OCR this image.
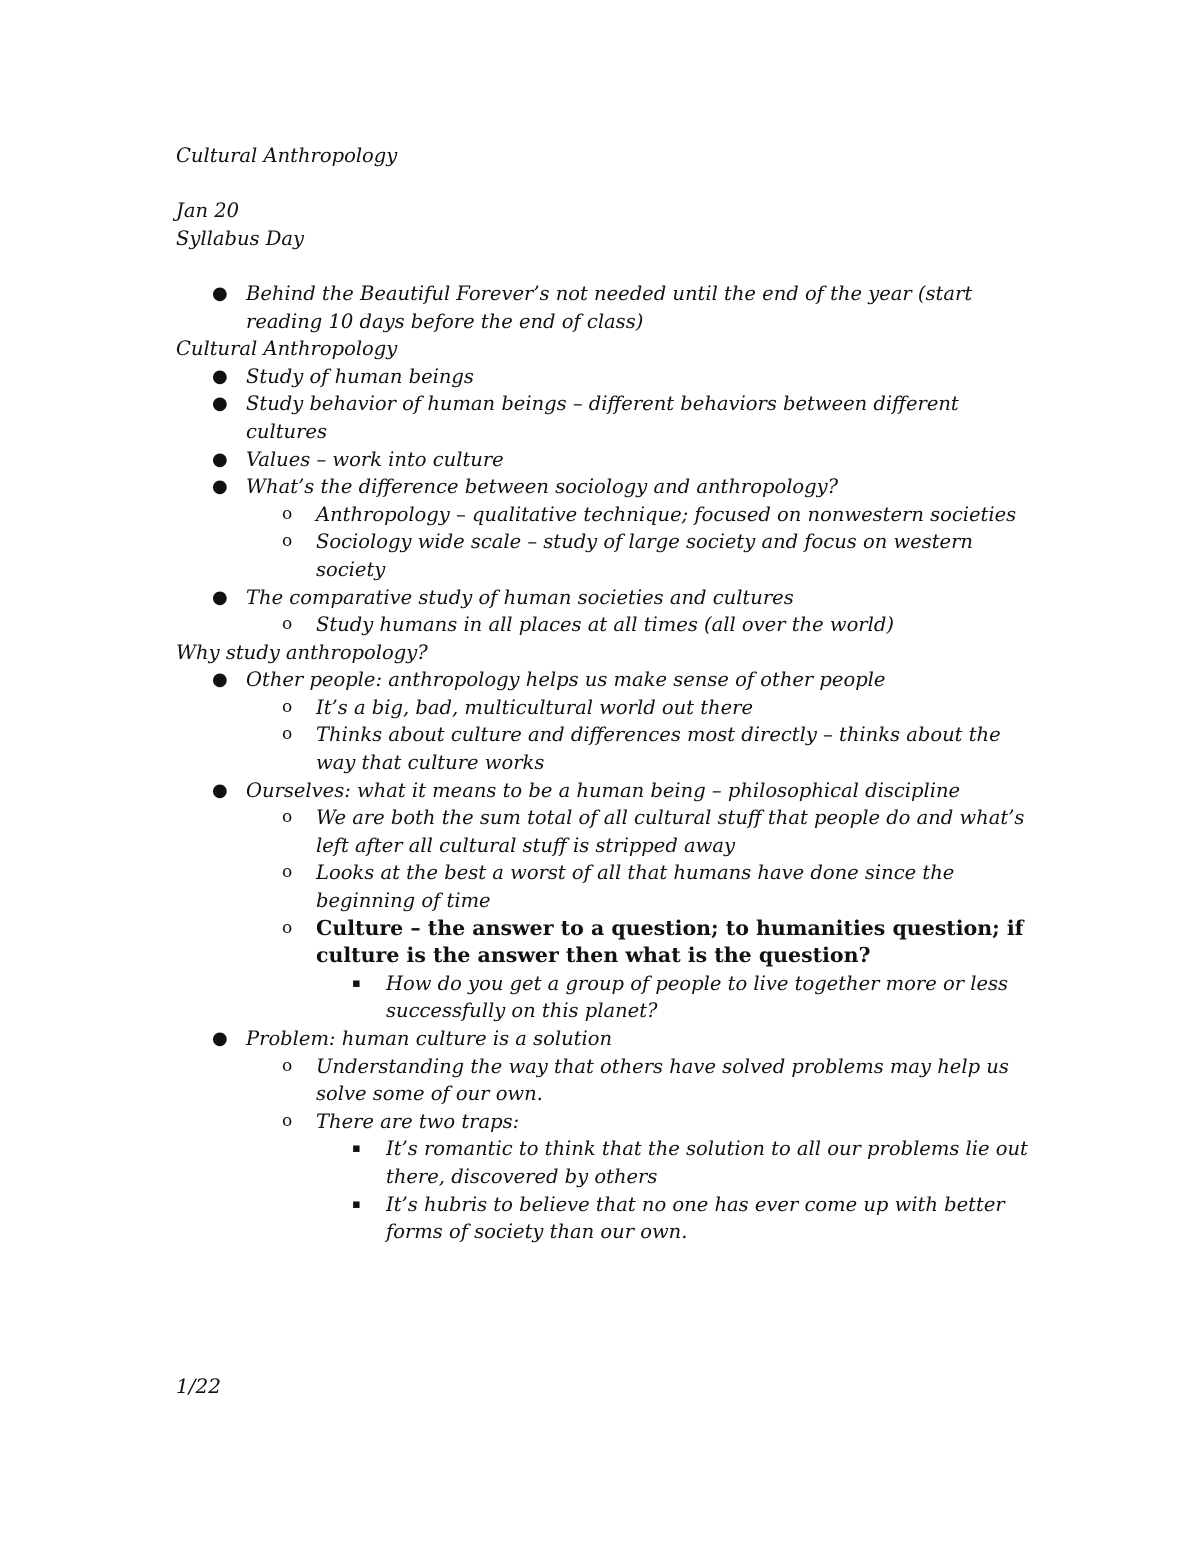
Cultural Anthropology

Jan 20

Syllabus Day

● Behind the Beautiful Forever’s not needed until the end of the year (start reading 10 days before the end of class)

Cultural Anthropology

● Study of human beings
● Study behavior of human beings – different behaviors between different cultures
● Values – work into culture
● What’s the difference between sociology and anthropology?
o Anthropology – qualitative technique; focused on nonwestern societies
o Sociology wide scale – study of large society and focus on western society
● The comparative study of human societies and cultures
o Study humans in all places at all times (all over the world)

Why study anthropology?

● Other people: anthropology helps us make sense of other people
o It’s a big, bad, multicultural world out there
o Thinks about culture and differences most directly – thinks about the way that culture works
● Ourselves: what it means to be a human being – philosophical discipline
o We are both the sum total of all cultural stuff that people do and what’s left after all cultural stuff is stripped away
o Looks at the best a worst of all that humans have done since the beginning of time
o Culture – the answer to a question; to humanities question; if culture is the answer then what is the question?
▪ How do you get a group of people to live together more or less successfully on this planet?
● Problem: human culture is a solution
o Understanding the way that others have solved problems may help us solve some of our own.
o There are two traps:
▪ It’s romantic to think that the solution to all our problems lie out there, discovered by others
▪ It’s hubris to believe that no one has ever come up with better forms of society than our own.
1/22
